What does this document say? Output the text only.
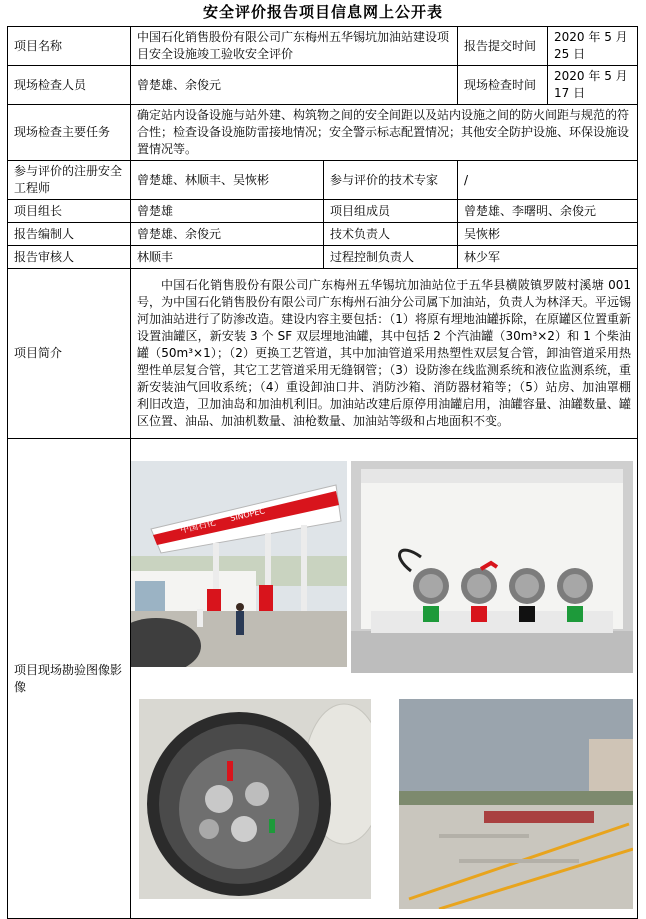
安全评价报告项目信息网上公开表
项目名称	中国石化销售股份有限公司广东梅州五华锡坑加油站建设项目安全设施竣工验收安全评价		报告提交时间	2020 年 5 月 25 日
现场检查人员	曾楚雄、余俊元		现场检查时间	2020 年 5 月 17 日
现场检查主要任务	确定站内设备设施与站外建、构筑物之间的安全间距以及站内设施之间的防火间距与规范的符合性；检查设备设施防雷接地情况；安全警示标志配置情况；其他安全防护设施、环保设施设置情况等。			
参与评价的注册安全工程师	曾楚雄、林顺丰、吴恢彬	参与评价的技术专家	/	
项目组长	曾楚雄	项目组成员	曾楚雄、李曙明、余俊元	
报告编制人	曾楚雄、余俊元	技术负责人	吴恢彬	
报告审核人	林顺丰	过程控制负责人	林少军	
项目简介	中国石化销售股份有限公司广东梅州五华锡坑加油站位于五华县横陂镇罗陂村溪塘 001 号，为中国石化销售股份有限公司广东梅州石油分公司属下加油站，负责人为林泽天。平远锡河加油站进行了防渗改造。建设内容主要包括：（1）将原有埋地油罐拆除，在原罐区位置重新设置油罐区，新安装 3 个 SF 双层埋地油罐，其中包括 2 个汽油罐（30m³×2）和 1 个柴油罐（50m³×1）；（2）更换工艺管道，其中加油管道采用热塑性双层复合管，卸油管道采用热塑性单层复合管，其它工艺管道采用无缝钢管；（3）设防渗在线监测系统和液位监测系统，重新安装油气回收系统；（4）重设卸油口井、消防沙箱、消防器材箱等；（5）站房、加油罩棚利旧改造，卫加油岛和加油机利旧。加油站改建后原停用油罐启用，油罐容量、油罐数量、罐区位置、油品、加油机数量、油枪数量、加油站等级和占地面积不变。			
项目现场勘验图像影像	中国石化
SINOPEC			
